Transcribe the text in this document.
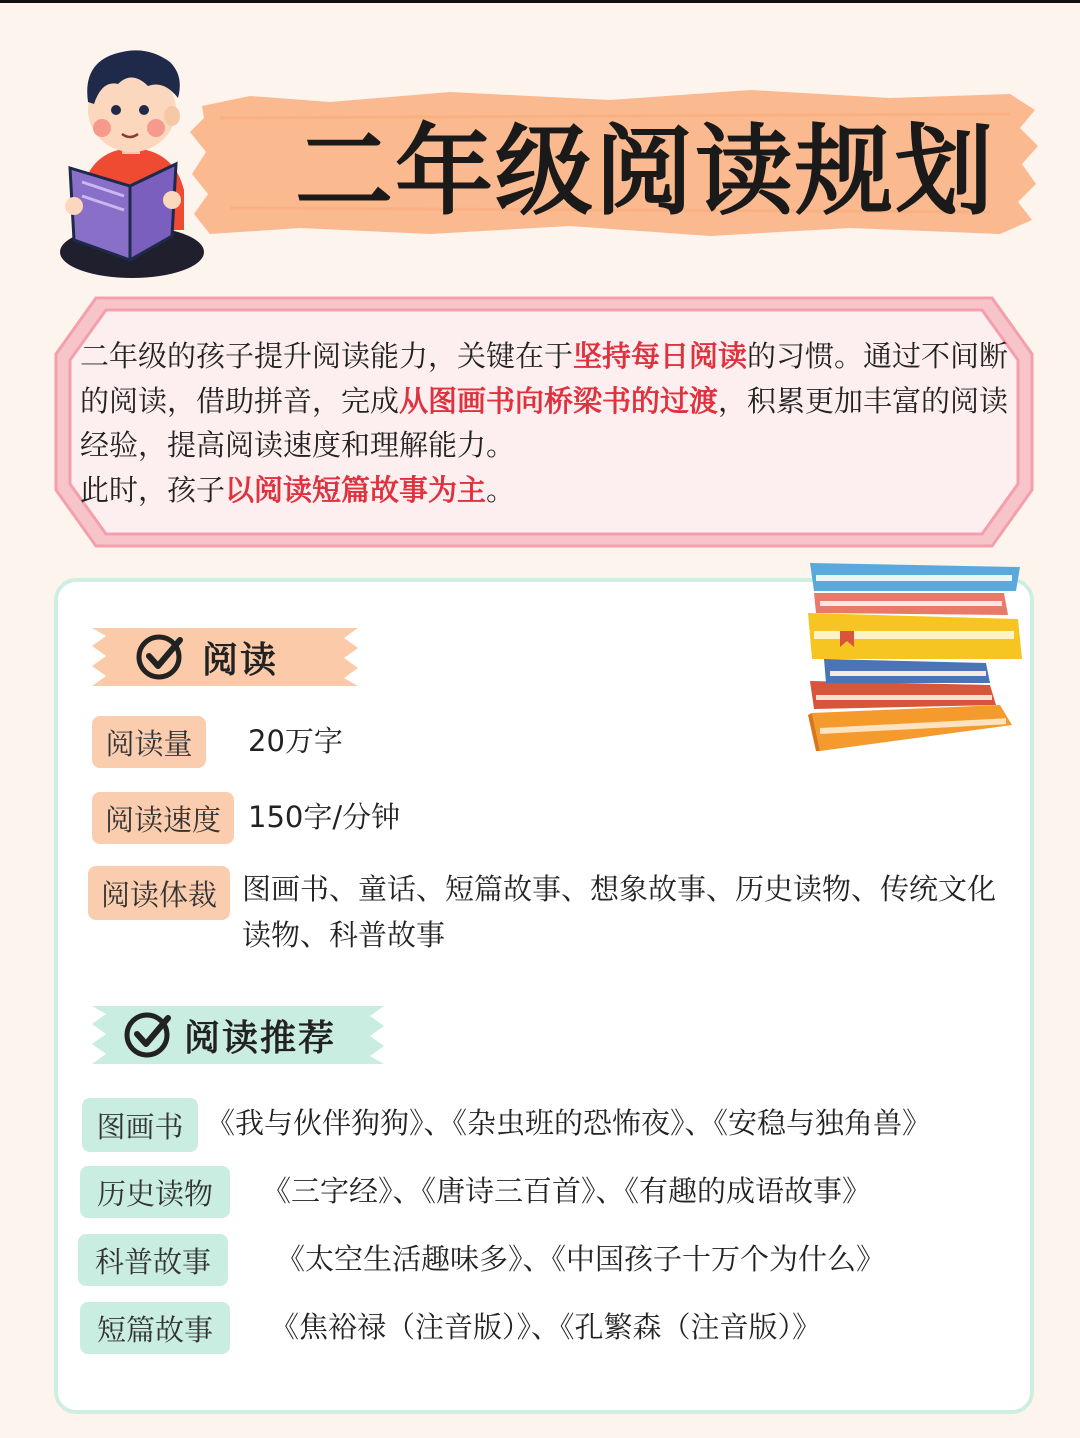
二年级阅读规划
二年级的孩子提升阅读能力，关键在于坚持每日阅读的习惯。通过不间断的阅读，借助拼音，完成从图画书向桥梁书的过渡，积累更加丰富的阅读经验，提高阅读速度和理解能力。
此时，孩子以阅读短篇故事为主。
阅读
阅读量	20万字
阅读速度 150字/分钟
阅读体裁 图画书、童话、短篇故事、想象故事、历史读物、传统文化读物、科普故事
阅读推荐
图画书 《我与伙伴狗狗》、《杂虫班的恐怖夜》、《安稳与独角兽》
历史读物	《三字经》、《唐诗三百首》、《有趣的成语故事》
科普故事	《太空生活趣味多》、《中国孩子十万个为什么》
短篇故事	《焦裕禄（注音版）》、《孔繁森（注音版）》
